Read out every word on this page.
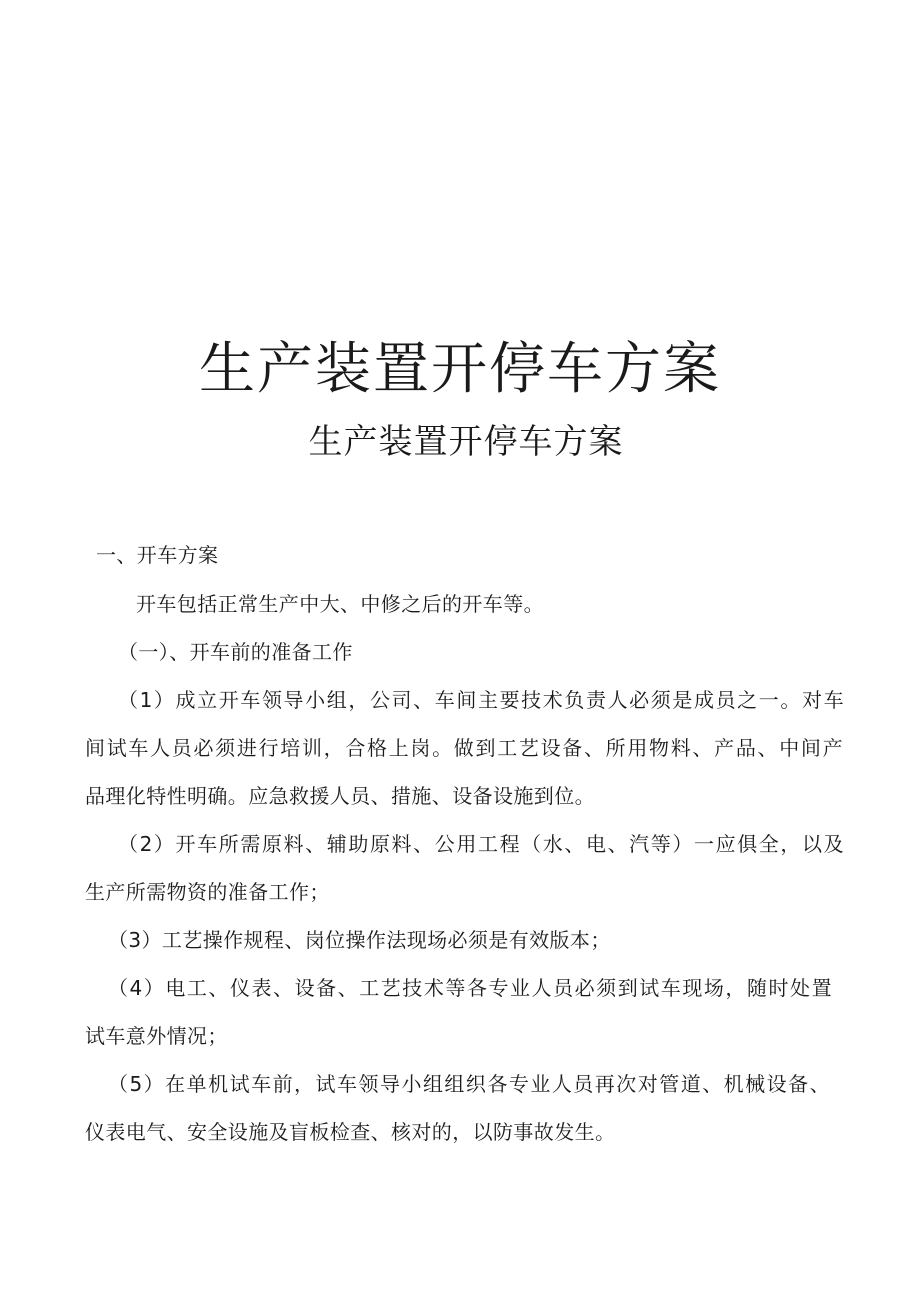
生产装置开停车方案
生产装置开停车方案

一、开车方案

开车包括正常生产中大、中修之后的开车等。

（一）、开车前的准备工作

（1）成立开车领导小组，公司、车间主要技术负责人必须是成员之一。对车

间试车人员必须进行培训，合格上岗。做到工艺设备、所用物料、产品、中间产

品理化特性明确。应急救援人员、措施、设备设施到位。

（2）开车所需原料、辅助原料、公用工程（水、电、汽等）一应俱全，以及

生产所需物资的准备工作；

（3）工艺操作规程、岗位操作法现场必须是有效版本；

（4）电工、仪表、设备、工艺技术等各专业人员必须到试车现场，随时处置

试车意外情况；

（5）在单机试车前，试车领导小组组织各专业人员再次对管道、机械设备、

仪表电气、安全设施及盲板检查、核对的，以防事故发生。
